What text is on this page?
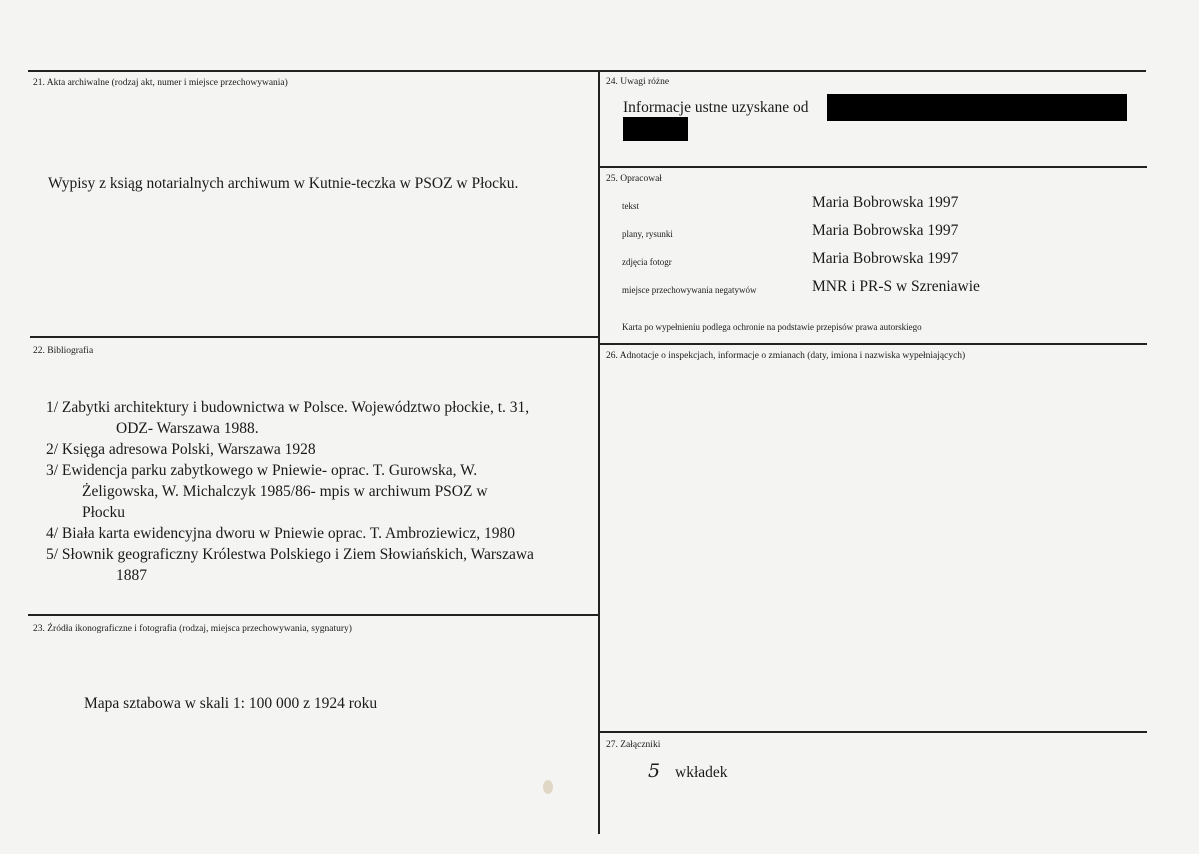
21. Akta archiwalne (rodzaj akt, numer i miejsce przechowywania)
Wypisy z ksiąg notarialnych archiwum w Kutnie-teczka w PSOZ w Płocku.
22. Bibliografia
1/ Zabytki architektury i budownictwa w Polsce. Województwo płockie, t. 31,
ODZ- Warszawa 1988.
2/ Księga adresowa Polski, Warszawa 1928
3/ Ewidencja parku zabytkowego w Pniewie- oprac. T. Gurowska, W.
Żeligowska, W. Michalczyk 1985/86- mpis w archiwum PSOZ w
Płocku
4/ Biała karta ewidencyjna dworu w Pniewie oprac. T. Ambroziewicz, 1980
5/ Słownik geograficzny Królestwa Polskiego i Ziem Słowiańskich, Warszawa
1887
23. Źródła ikonograficzne i fotografia (rodzaj, miejsca przechowywania, sygnatury)
Mapa sztabowa w skali 1: 100 000 z 1924 roku
24. Uwagi różne
Informacje ustne uzyskane od
25. Opracował
tekst	Maria Bobrowska 1997
plany, rysunki	Maria Bobrowska 1997
zdjęcia fotogr	Maria Bobrowska 1997
miejsce przechowywania negatywów	MNR i PR-S w Szreniawie
Karta po wypełnieniu podlega ochronie na podstawie przepisów prawa autorskiego
26. Adnotacje o inspekcjach, informacje o zmianach (daty, imiona i nazwiska wypełniających)
27. Załączniki
5 wkładek
